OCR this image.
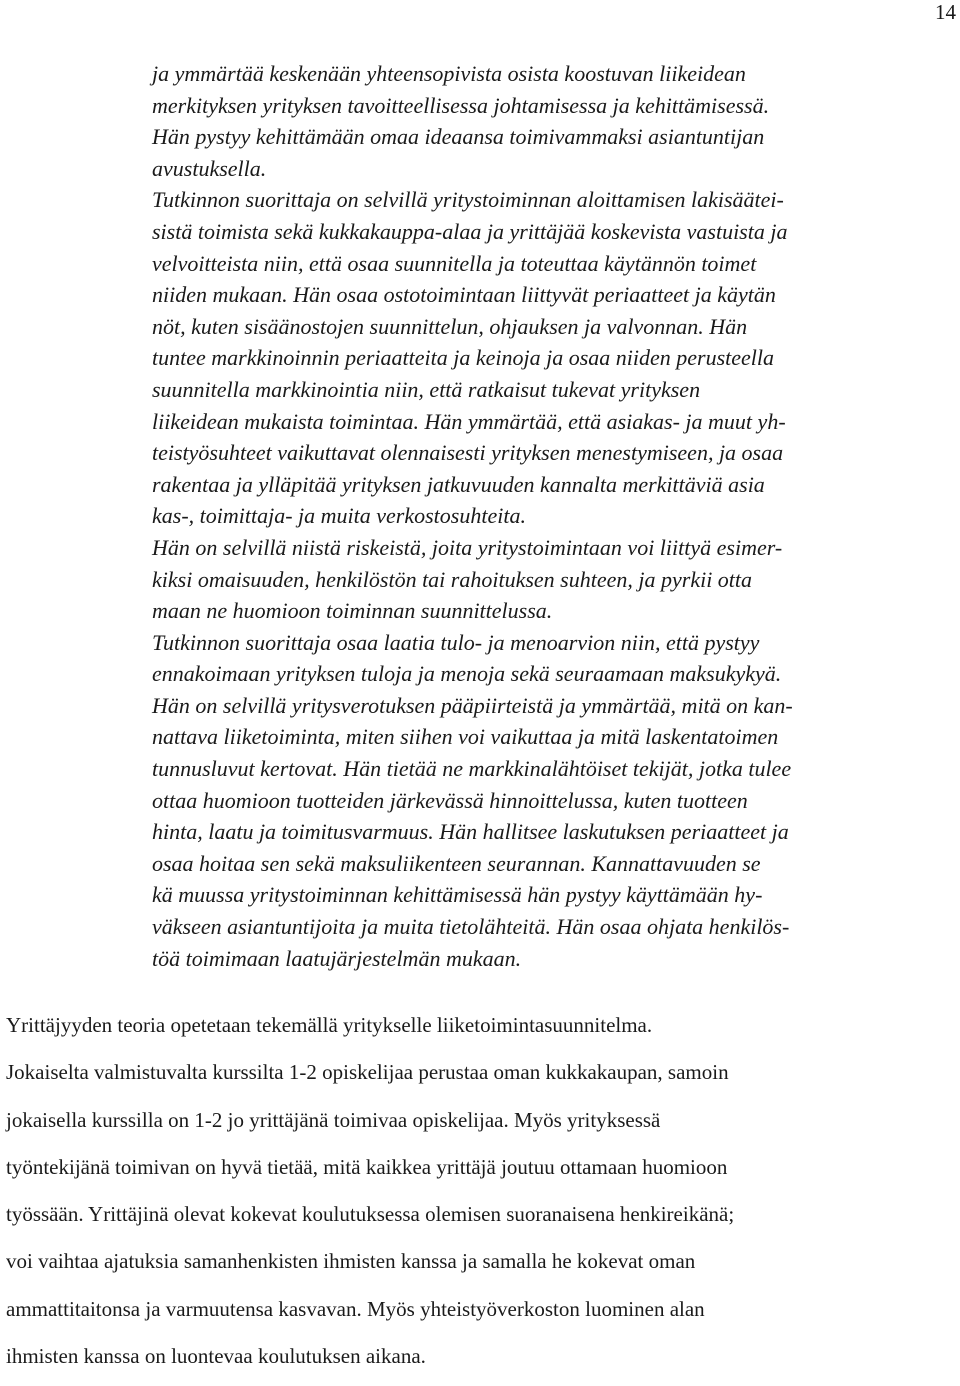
14
ja ymmärtää keskenään yhteensopivista osista koostuvan liikeidean
merkityksen yrityksen tavoitteellisessa johtamisessa ja kehittämisessä.
Hän pystyy kehittämään omaa ideaansa toimivammaksi asiantuntijan
avustuksella.
Tutkinnon suorittaja on selvillä yritystoiminnan aloittamisen lakisäätei-
sistä toimista sekä kukkakauppa-alaa ja yrittäjää koskevista vastuista ja
velvoitteista niin, että osaa suunnitella ja toteuttaa käytännön toimet
niiden mukaan. Hän osaa ostotoimintaan liittyvät periaatteet ja käytän
nöt, kuten sisäänostojen suunnittelun, ohjauksen ja valvonnan. Hän
tuntee markkinoinnin periaatteita ja keinoja ja osaa niiden perusteella
suunnitella markkinointia niin, että ratkaisut tukevat yrityksen
liikeidean mukaista toimintaa. Hän ymmärtää, että asiakas- ja muut yh-
teistyösuhteet vaikuttavat olennaisesti yrityksen menestymiseen, ja osaa
rakentaa ja ylläpitää yrityksen jatkuvuuden kannalta merkittäviä asia
kas-, toimittaja- ja muita verkostosuhteita.
Hän on selvillä niistä riskeistä, joita yritystoimintaan voi liittyä esimer-
kiksi omaisuuden, henkilöstön tai rahoituksen suhteen, ja pyrkii otta
maan ne huomioon toiminnan suunnittelussa.
Tutkinnon suorittaja osaa laatia tulo- ja menoarvion niin, että pystyy
ennakoimaan yrityksen tuloja ja menoja sekä seuraamaan maksukykyä.
Hän on selvillä yritysverotuksen pääpiirteistä ja ymmärtää, mitä on kan-
nattava liiketoiminta, miten siihen voi vaikuttaa ja mitä laskentatoimen
tunnusluvut kertovat. Hän tietää ne markkinalähtöiset tekijät, jotka tulee
ottaa huomioon tuotteiden järkevässä hinnoittelussa, kuten tuotteen
hinta, laatu ja toimitusvarmuus. Hän hallitsee laskutuksen periaatteet ja
osaa hoitaa sen sekä maksuliikenteen seurannan. Kannattavuuden se
kä muussa yritystoiminnan kehittämisessä hän pystyy käyttämään hy-
väkseen asiantuntijoita ja muita tietolähteitä. Hän osaa ohjata henkilös-
töä toimimaan laatujärjestelmän mukaan.
Yrittäjyyden teoria opetetaan tekemällä yritykselle liiketoimintasuunnitelma.
Jokaiselta valmistuvalta kurssilta 1-2 opiskelijaa perustaa oman kukkakaupan, samoin
jokaisella kurssilla on 1-2 jo yrittäjänä toimivaa opiskelijaa. Myös yrityksessä
työntekijänä toimivan on hyvä tietää, mitä kaikkea yrittäjä joutuu ottamaan huomioon
työssään. Yrittäjinä olevat kokevat koulutuksessa olemisen suoranaisena henkireikänä;
voi vaihtaa ajatuksia samanhenkisten ihmisten kanssa ja samalla he kokevat oman
ammattitaitonsa ja varmuutensa kasvavan. Myös yhteistyöverkoston luominen alan
ihmisten kanssa on luontevaa koulutuksen aikana.
